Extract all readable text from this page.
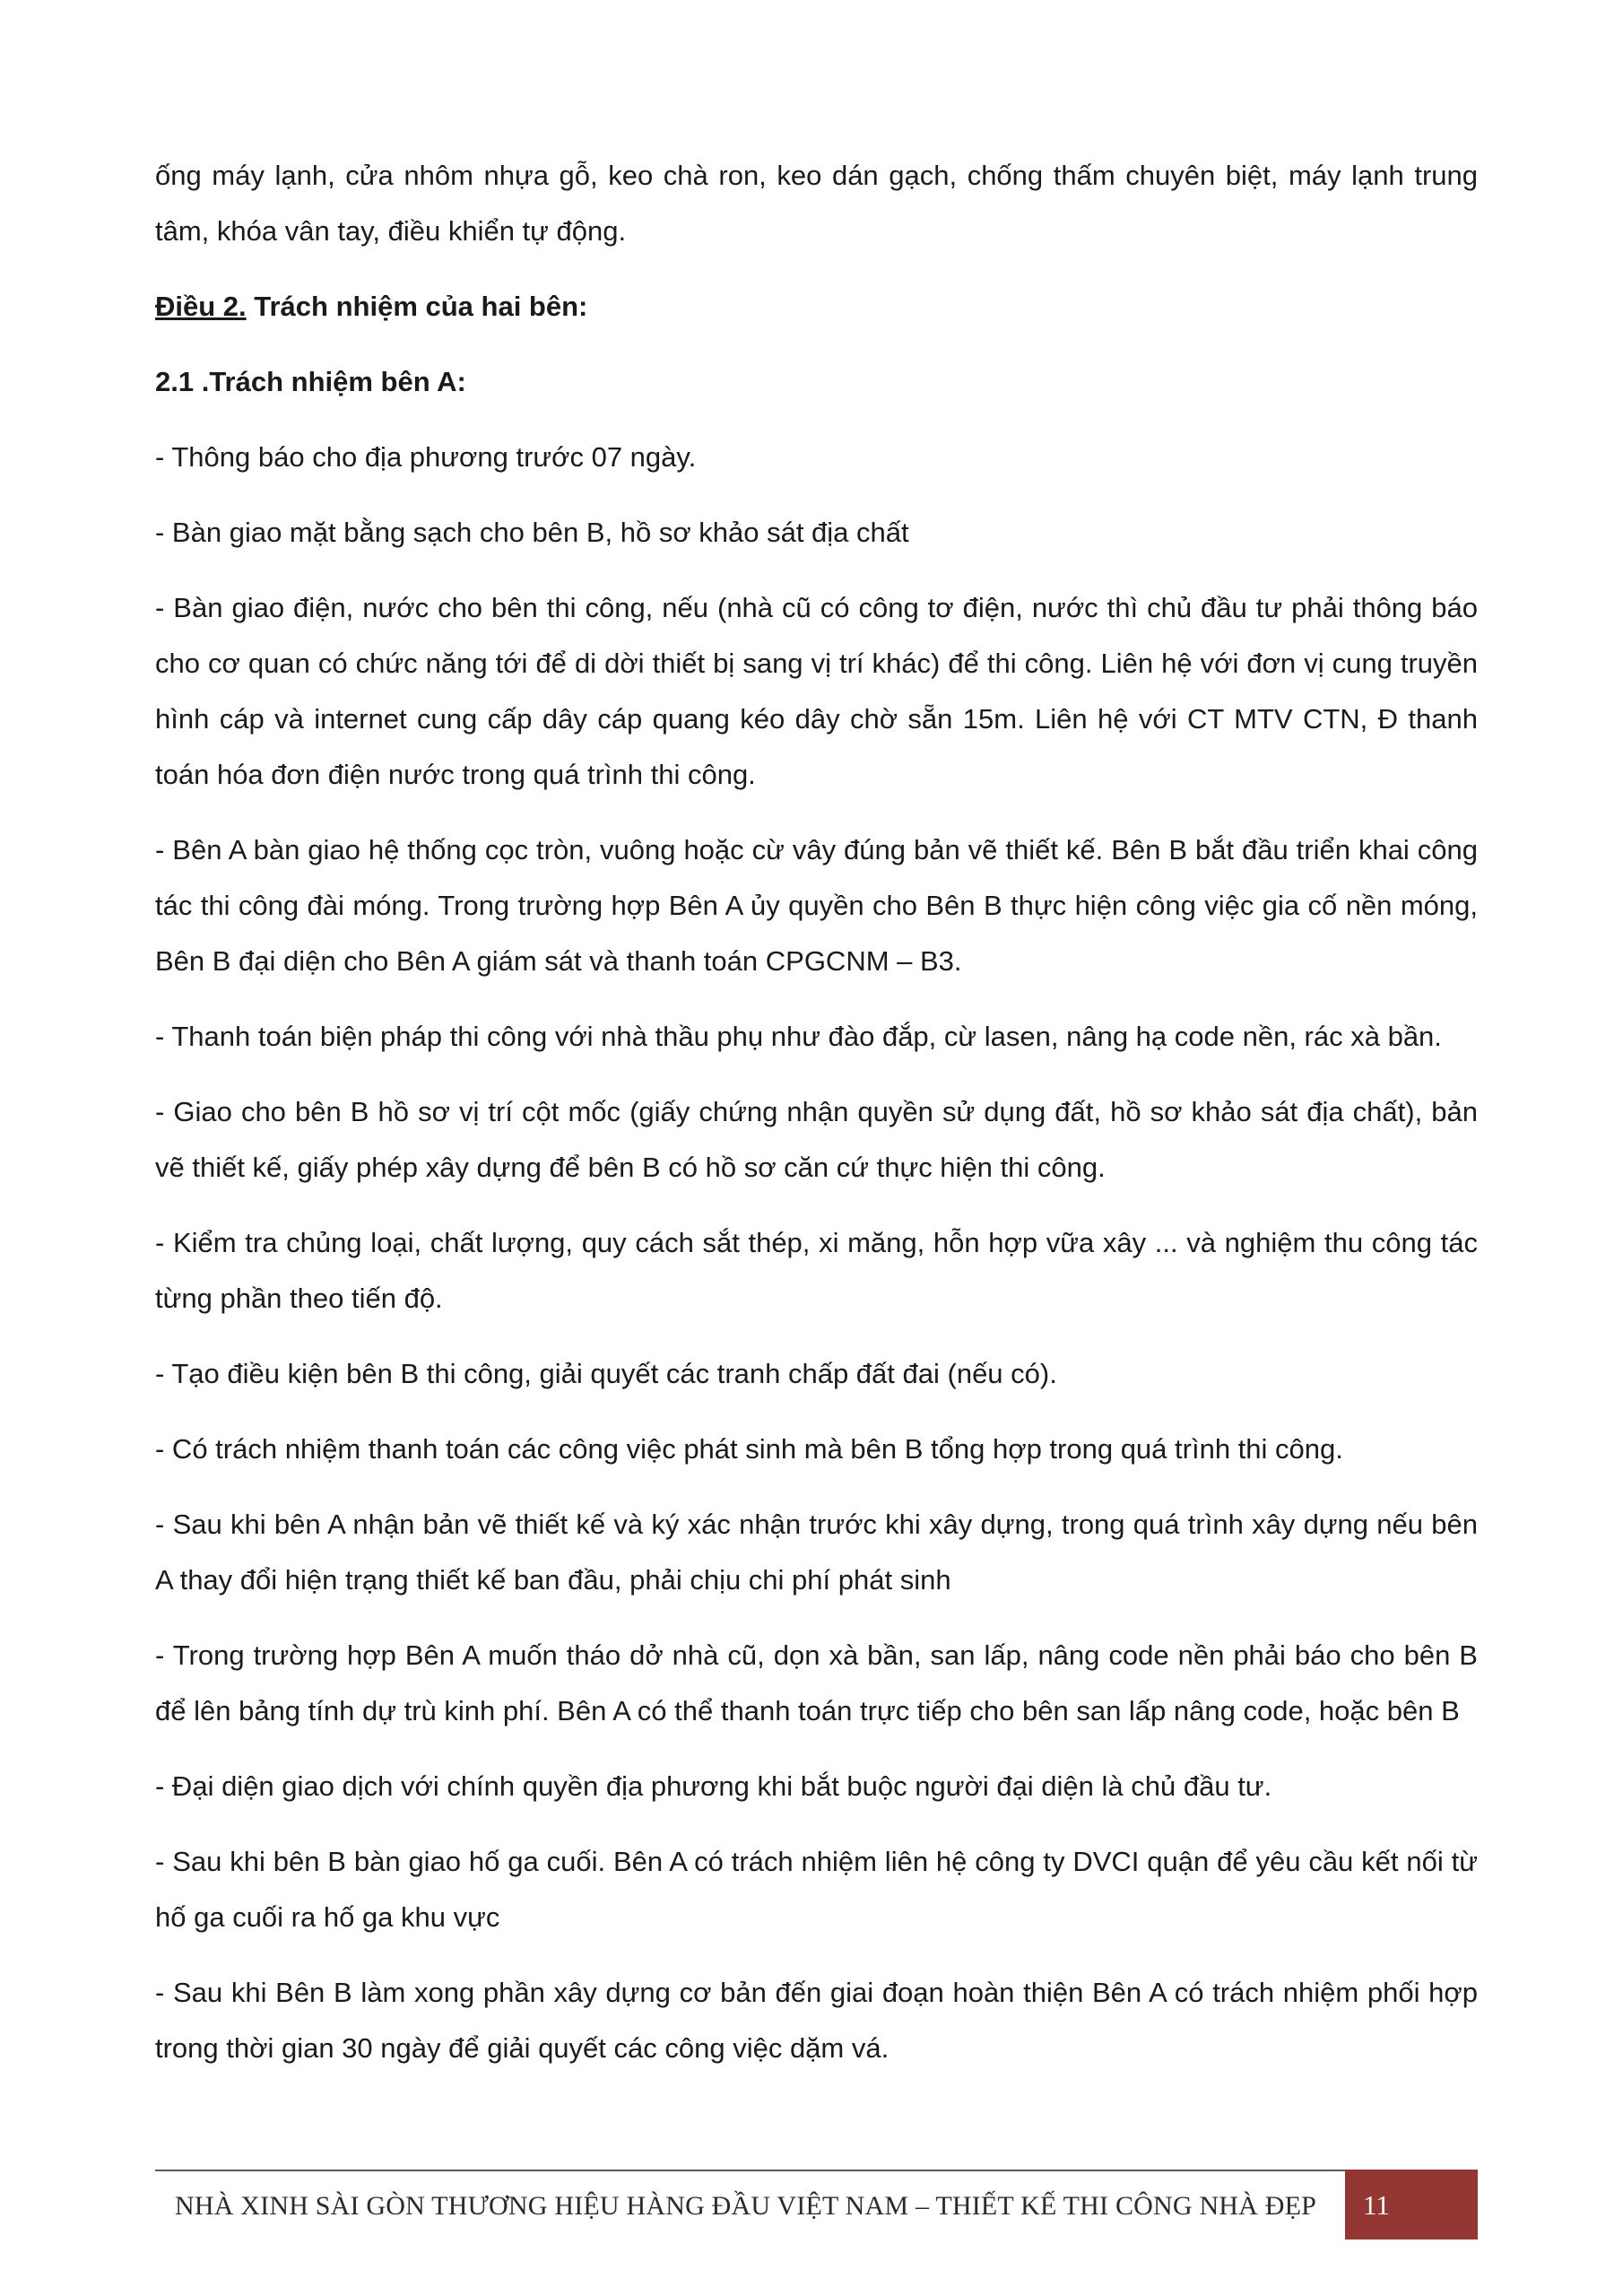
ống máy lạnh, cửa nhôm nhựa gỗ, keo chà ron, keo dán gạch, chống thấm chuyên biệt, máy lạnh trung tâm, khóa vân tay, điều khiển tự động.

Điều 2. Trách nhiệm của hai bên:

2.1 .Trách nhiệm bên A:

- Thông báo cho địa phương trước 07 ngày.

- Bàn giao mặt bằng sạch cho bên B, hồ sơ khảo sát địa chất

- Bàn giao điện, nước cho bên thi công, nếu (nhà cũ có công tơ điện, nước thì chủ đầu tư phải thông báo cho cơ quan có chức năng tới để di dời thiết bị sang vị trí khác) để thi công. Liên hệ với đơn vị cung truyền hình cáp và internet cung cấp dây cáp quang kéo dây chờ sẵn 15m. Liên hệ với CT MTV CTN, Đ thanh toán hóa đơn điện nước trong quá trình thi công.

- Bên A bàn giao hệ thống cọc tròn, vuông hoặc cừ vây đúng bản vẽ thiết kế. Bên B bắt đầu triển khai công tác thi công đài móng. Trong trường hợp Bên A ủy quyền cho Bên B thực hiện công việc gia cố nền móng, Bên B đại diện cho Bên A giám sát và thanh toán CPGCNM – B3.

- Thanh toán biện pháp thi công với nhà thầu phụ như đào đắp, cừ lasen, nâng hạ code nền, rác xà bần.

- Giao cho bên B hồ sơ vị trí cột mốc (giấy chứng nhận quyền sử dụng đất, hồ sơ khảo sát địa chất), bản vẽ thiết kế, giấy phép xây dựng để bên B có hồ sơ căn cứ thực hiện thi công.

- Kiểm tra chủng loại, chất lượng, quy cách sắt thép, xi măng, hỗn hợp vữa xây ... và nghiệm thu công tác từng phần theo tiến độ.

- Tạo điều kiện bên B thi công, giải quyết các tranh chấp đất đai (nếu có).

- Có trách nhiệm thanh toán các công việc phát sinh mà bên B tổng hợp trong quá trình thi công.

- Sau khi bên A nhận bản vẽ thiết kế và ký xác nhận trước khi xây dựng, trong quá trình xây dựng nếu bên A thay đổi hiện trạng thiết kế ban đầu, phải chịu chi phí phát sinh

- Trong trường hợp Bên A muốn tháo dở nhà cũ, dọn xà bần, san lấp, nâng code nền phải báo cho bên B để lên bảng tính dự trù kinh phí. Bên A có thể thanh toán trực tiếp cho bên san lấp nâng code, hoặc bên B

- Đại diện giao dịch với chính quyền địa phương khi bắt buộc người đại diện là chủ đầu tư.

- Sau khi bên B bàn giao hố ga cuối. Bên A có trách nhiệm liên hệ công ty DVCI quận để yêu cầu kết nối từ hố ga cuối ra hố ga khu vực

- Sau khi Bên B làm xong phần xây dựng cơ bản đến giai đoạn hoàn thiện Bên A có trách nhiệm phối hợp trong thời gian 30 ngày để giải quyết các công việc dặm vá.

NHÀ XINH SÀI GÒN THƯƠNG HIỆU HÀNG ĐẦU VIỆT NAM – THIẾT KẾ THI CÔNG NHÀ ĐẸP 11
